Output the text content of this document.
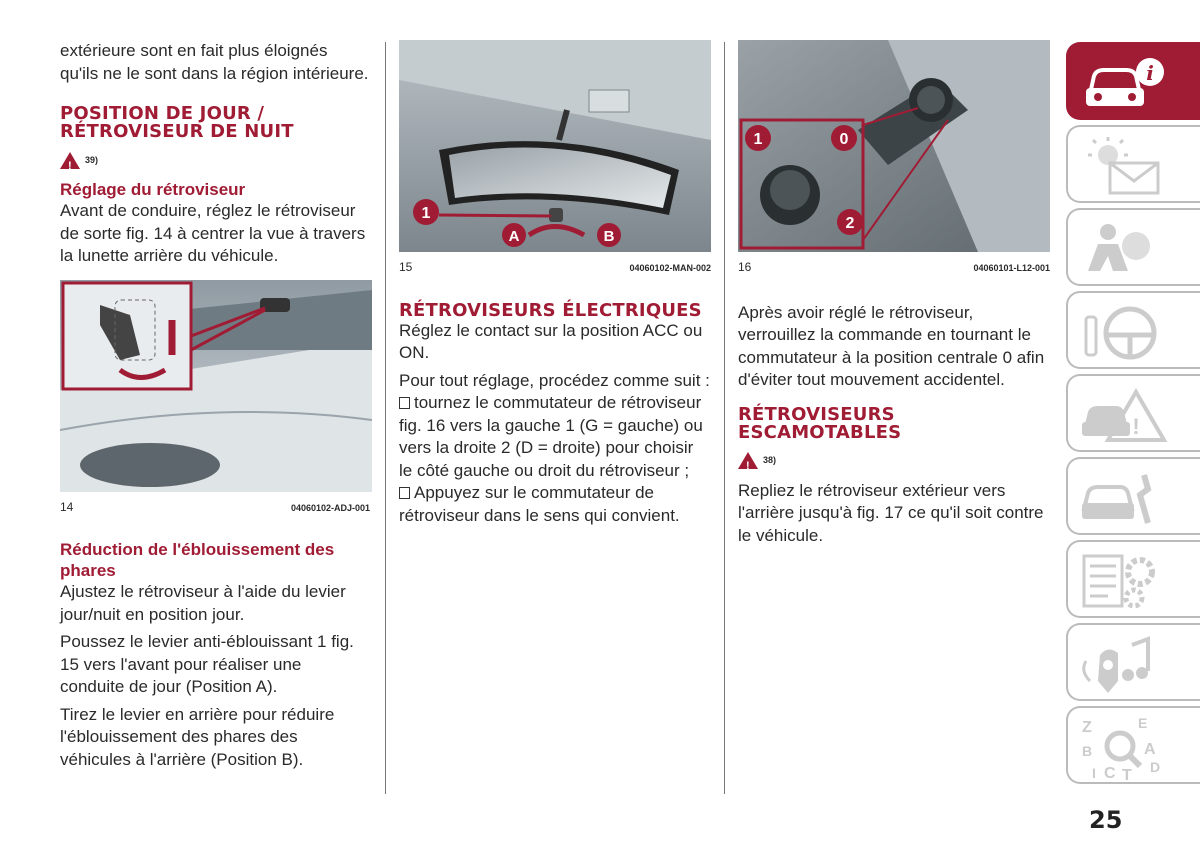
extérieure sont en fait plus éloignés qu'ils ne le sont dans la région intérieure.

POSITION DE JOUR / RÉTROVISEUR DE NUIT
! 39)
Réglage du rétroviseur

Avant de conduire, réglez le rétroviseur de sorte fig. 14 à centrer la vue à travers la lunette arrière du véhicule.

14	04060102-ADJ-001
Réduction de l'éblouissement des phares

Ajustez le rétroviseur à l'aide du levier jour/nuit en position jour.

Poussez le levier anti-éblouissant 1 fig. 15 vers l'avant pour réaliser une conduite de jour (Position A).

Tirez le levier en arrière pour réduire l'éblouissement des phares des véhicules à l'arrière (Position B).

1
A	B
15	04060102-MAN-002
RÉTROVISEURS ÉLECTRIQUES

Réglez le contact sur la position ACC ou ON.

Pour tout réglage, procédez comme suit :

tournez le commutateur de rétroviseur fig. 16 vers la gauche 1 (G = gauche) ou vers la droite 2 (D = droite) pour choisir le côté gauche ou droit du rétroviseur ;

Appuyez sur le commutateur de rétroviseur dans le sens qui convient.

1	0
2
16	04060101-L12-001

Après avoir réglé le rétroviseur, verrouillez la commande en tournant le commutateur à la position centrale 0 afin d'éviter tout mouvement accidentel.

RÉTROVISEURS ESCAMOTABLES
! 38)

Repliez le rétroviseur extérieur vers l'arrière jusqu'à fig. 17 ce qu'il soit contre le véhicule.

i
!
Z	E
B	A
I C T D
25
